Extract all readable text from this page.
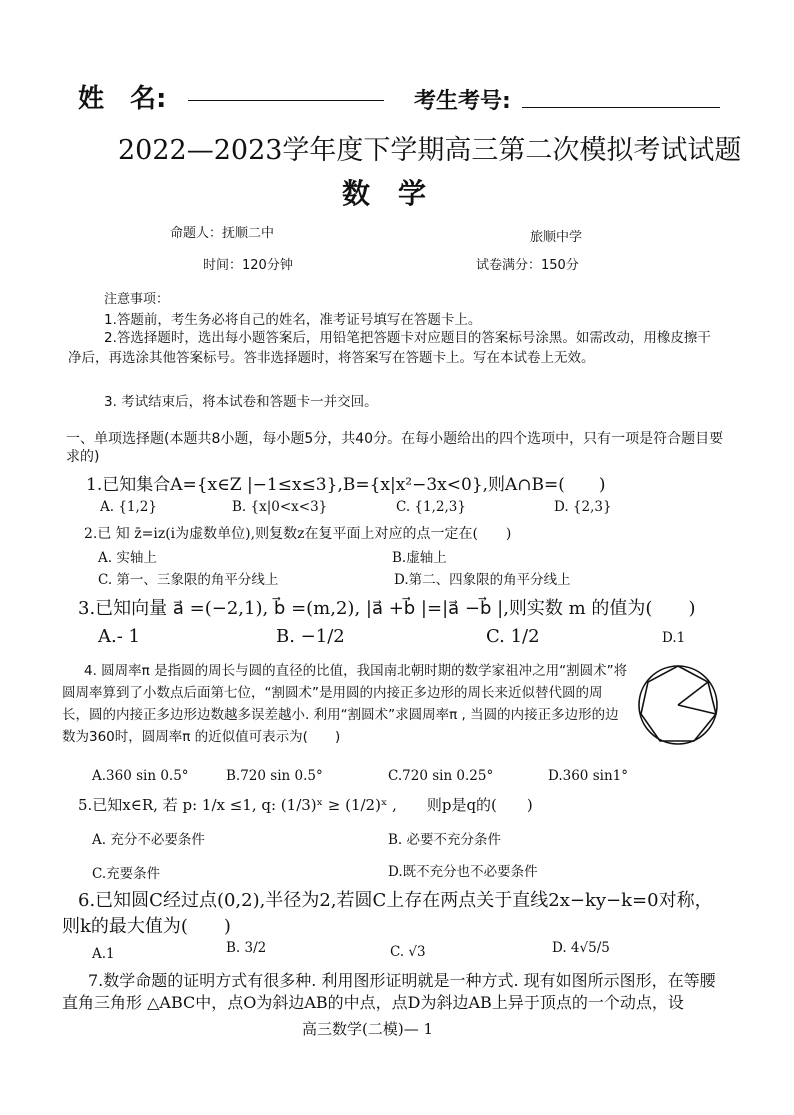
姓　名:	考生考号:
2022—2023学年度下学期高三第二次模拟考试试题
数　学
命题人：抚顺二中	旅顺中学
时间：120分钟	试卷满分：150分
注意事项：
1.答题前，考生务必将自己的姓名，准考证号填写在答题卡上。
2.答选择题时，选出每小题答案后，用铅笔把答题卡对应题目的答案标号涂黑。如需改动，用橡皮擦干净后，再选涂其他答案标号。答非选择题时，将答案写在答题卡上。写在本试卷上无效。
3. 考试结束后，将本试卷和答题卡一并交回。
一、单项选择题(本题共8小题，每小题5分，共40分。在每小题给出的四个选项中，只有一项是符合题目要求的)
1.已知集合A={x∈Z |−1≤x≤3},B={x|x²−3x<0},则A∩B=(　　)
A. {1,2}	B. {x|0<x<3}	C. {1,2,3}	D. {2,3}
2.已 知 z̄=iz(i为虚数单位),则复数z在复平面上对应的点一定在(　　)
A. 实轴上	B.虚轴上
C. 第一、三象限的角平分线上	D.第二、四象限的角平分线上
3.已知向量 a⃗ =(−2,1), b⃗ =(m,2), |a⃗ +b⃗ |=|a⃗ −b⃗ |,则实数 m 的值为(　　)
A.- 1	B. −1/2	C. 1/2	D.1
4. 圆周率π 是指圆的周长与圆的直径的比值，我国南北朝时期的数学家祖冲之用“割圆术”将圆周率算到了小数点后面第七位，“割圆术”是用圆的内接正多边形的周长来近似替代圆的周长，圆的内接正多边形边数越多误差越小. 利用“割圆术”求圆周率π , 当圆的内接正多边形的边数为360时，圆周率π 的近似值可表示为(　　)
A.360 sin 0.5°	B.720 sin 0.5°	C.720 sin 0.25°	D.360 sin1°
5.已知x∈R, 若 p: 1/x ≤1, q: (1/3)ˣ ≥ (1/2)ˣ ,　　则p是q的(　　)
A. 充分不必要条件	B. 必要不充分条件
C.充要条件	D.既不充分也不必要条件
6.已知圆C经过点(0,2),半径为2,若圆C上存在两点关于直线2x−ky−k=0对称，则k的最大值为(　　)
A.1	B. 3/2	C. √3	D. 4√5/5
7.数学命题的证明方式有很多种. 利用图形证明就是一种方式. 现有如图所示图形，在等腰直角三角形 △ABC中，点O为斜边AB的中点，点D为斜边AB上异于顶点的一个动点，设
高三数学(二模)— 1
